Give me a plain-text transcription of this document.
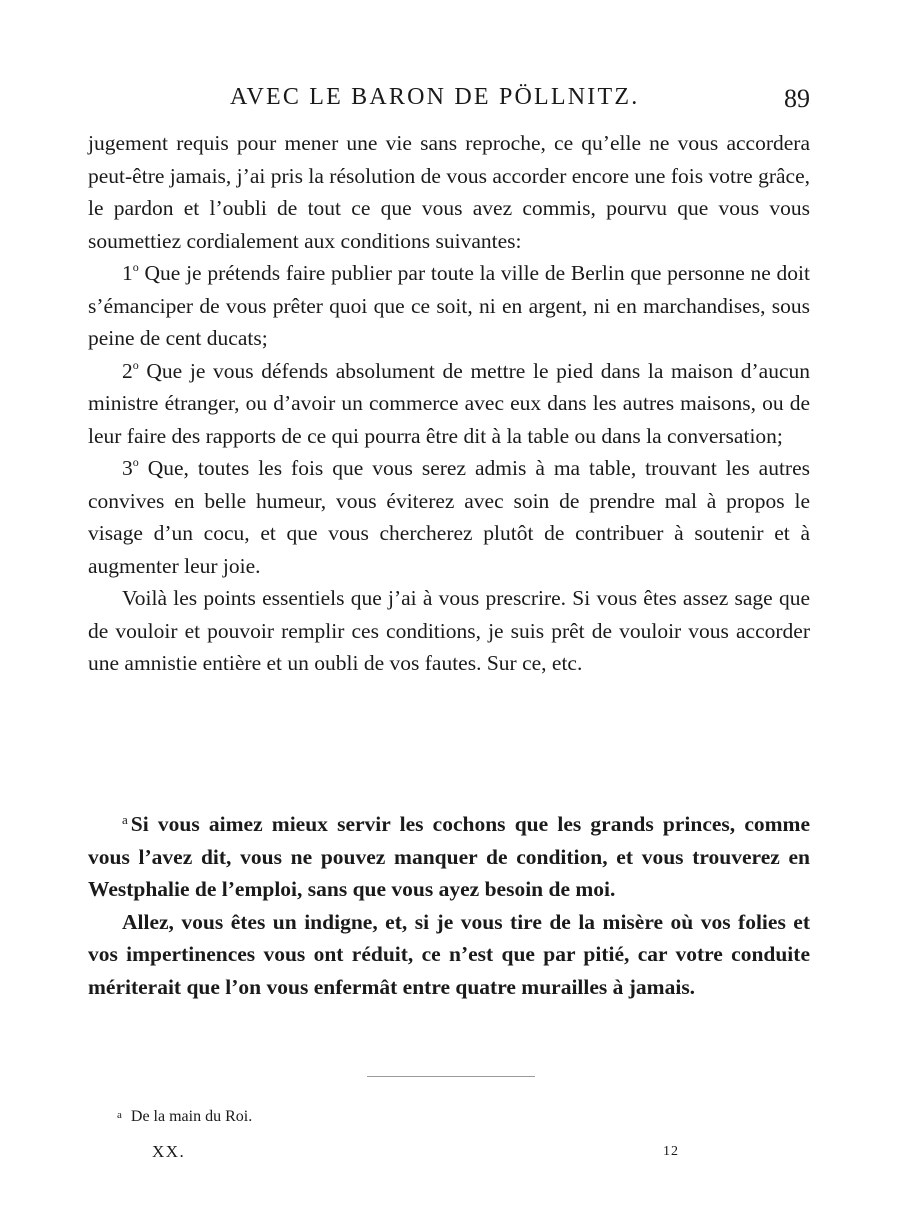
AVEC LE BARON DE PÖLLNITZ.	89

jugement requis pour mener une vie sans reproche, ce qu’elle ne vous accordera peut-être jamais, j’ai pris la résolution de vous accorder encore une fois votre grâce, le pardon et l’oubli de tout ce que vous avez commis, pourvu que vous vous soumettiez cordialement aux conditions suivantes:

1$^o$ Que je prétends faire publier par toute la ville de Berlin que personne ne doit s’émanciper de vous prêter quoi que ce soit, ni en argent, ni en marchandises, sous peine de cent ducats;

2$^o$ Que je vous défends absolument de mettre le pied dans la maison d’aucun ministre étranger, ou d’avoir un commerce avec eux dans les autres maisons, ou de leur faire des rapports de ce qui pourra être dit à la table ou dans la conversation;

3$^o$ Que, toutes les fois que vous serez admis à ma table, trouvant les autres convives en belle humeur, vous éviterez avec soin de prendre mal à propos le visage d’un cocu, et que vous chercherez plutôt de contribuer à soutenir et à augmenter leur joie.

Voilà les points essentiels que j’ai à vous prescrire. Si vous êtes assez sage que de vouloir et pouvoir remplir ces conditions, je suis prêt de vouloir vous accorder une amnistie entière et un oubli de vos fautes. Sur ce, etc.

$^a$ Si vous aimez mieux servir les cochons que les grands princes, comme vous l’avez dit, vous ne pouvez manquer de condition, et vous trouverez en Westphalie de l’emploi, sans que vous ayez besoin de moi.

Allez, vous êtes un indigne, et, si je vous tire de la misère où vos folies et vos impertinences vous ont réduit, ce n’est que par pitié, car votre conduite mériterait que l’on vous enfermât entre quatre murailles à jamais.

a De la main du Roi.
XX.	12
